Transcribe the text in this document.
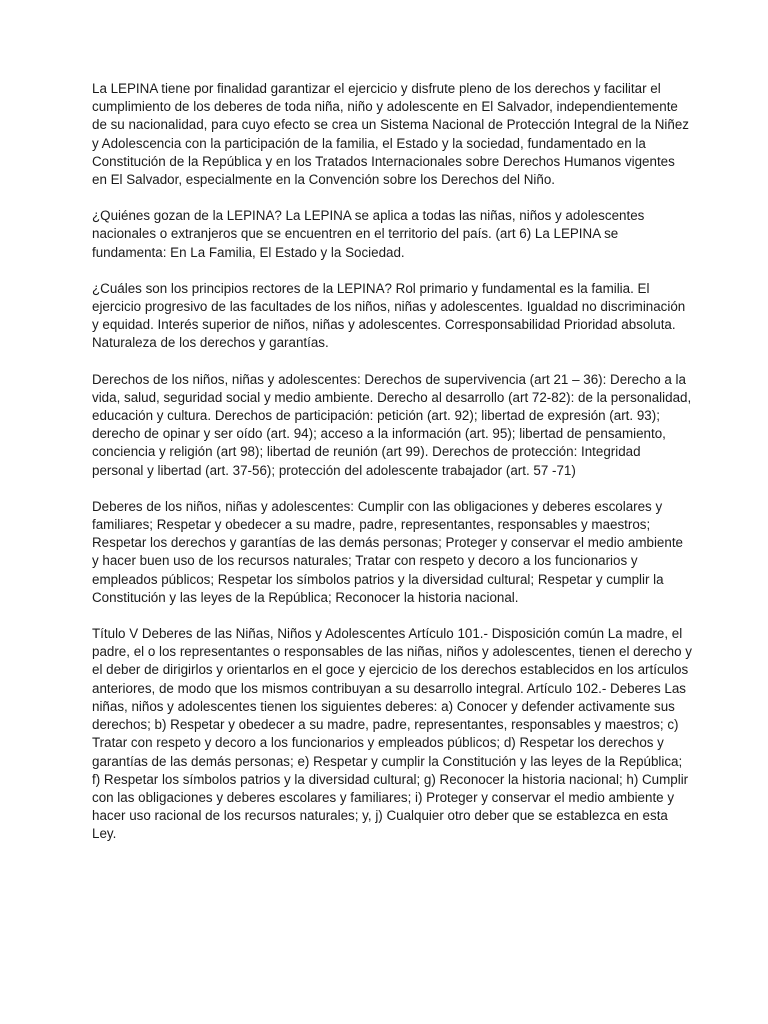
La LEPINA tiene por finalidad garantizar el ejercicio y disfrute pleno de los derechos y facilitar el cumplimiento de los deberes de toda niña, niño y adolescente en El Salvador, independientemente de su nacionalidad, para cuyo efecto se crea un Sistema Nacional de Protección Integral de la Niñez y Adolescencia con la participación de la familia, el Estado y la sociedad, fundamentado en la Constitución de la República y en los Tratados Internacionales sobre Derechos Humanos vigentes en El Salvador, especialmente en la Convención sobre los Derechos del Niño.

¿Quiénes gozan de la LEPINA? La LEPINA se aplica a todas las niñas, niños y adolescentes nacionales o extranjeros que se encuentren en el territorio del país. (art 6) La LEPINA se fundamenta: En La Familia, El Estado y la Sociedad.

¿Cuáles son los principios rectores de la LEPINA? Rol primario y fundamental es la familia. El ejercicio progresivo de las facultades de los niños, niñas y adolescentes. Igualdad no discriminación y equidad. Interés superior de niños, niñas y adolescentes. Corresponsabilidad Prioridad absoluta. Naturaleza de los derechos y garantías.

Derechos de los niños, niñas y adolescentes: Derechos de supervivencia (art 21 – 36): Derecho a la vida, salud, seguridad social y medio ambiente. Derecho al desarrollo (art 72-82): de la personalidad, educación y cultura. Derechos de participación: petición (art. 92); libertad de expresión (art. 93); derecho de opinar y ser oído (art. 94); acceso a la información (art. 95); libertad de pensamiento, conciencia y religión (art 98); libertad de reunión (art 99). Derechos de protección: Integridad personal y libertad (art. 37-56); protección del adolescente trabajador (art. 57 -71)

Deberes de los niños, niñas y adolescentes: Cumplir con las obligaciones y deberes escolares y familiares; Respetar y obedecer a su madre, padre, representantes, responsables y maestros; Respetar los derechos y garantías de las demás personas; Proteger y conservar el medio ambiente y hacer buen uso de los recursos naturales; Tratar con respeto y decoro a los funcionarios y empleados públicos; Respetar los símbolos patrios y la diversidad cultural; Respetar y cumplir la Constitución y las leyes de la República; Reconocer la historia nacional.

Título V Deberes de las Niñas, Niños y Adolescentes Artículo 101.- Disposición común La madre, el padre, el o los representantes o responsables de las niñas, niños y adolescentes, tienen el derecho y el deber de dirigirlos y orientarlos en el goce y ejercicio de los derechos establecidos en los artículos anteriores, de modo que los mismos contribuyan a su desarrollo integral. Artículo 102.- Deberes Las niñas, niños y adolescentes tienen los siguientes deberes: a) Conocer y defender activamente sus derechos; b) Respetar y obedecer a su madre, padre, representantes, responsables y maestros; c) Tratar con respeto y decoro a los funcionarios y empleados públicos; d) Respetar los derechos y garantías de las demás personas; e) Respetar y cumplir la Constitución y las leyes de la República; f) Respetar los símbolos patrios y la diversidad cultural; g) Reconocer la historia nacional; h) Cumplir con las obligaciones y deberes escolares y familiares; i) Proteger y conservar el medio ambiente y hacer uso racional de los recursos naturales; y, j) Cualquier otro deber que se establezca en esta Ley.
